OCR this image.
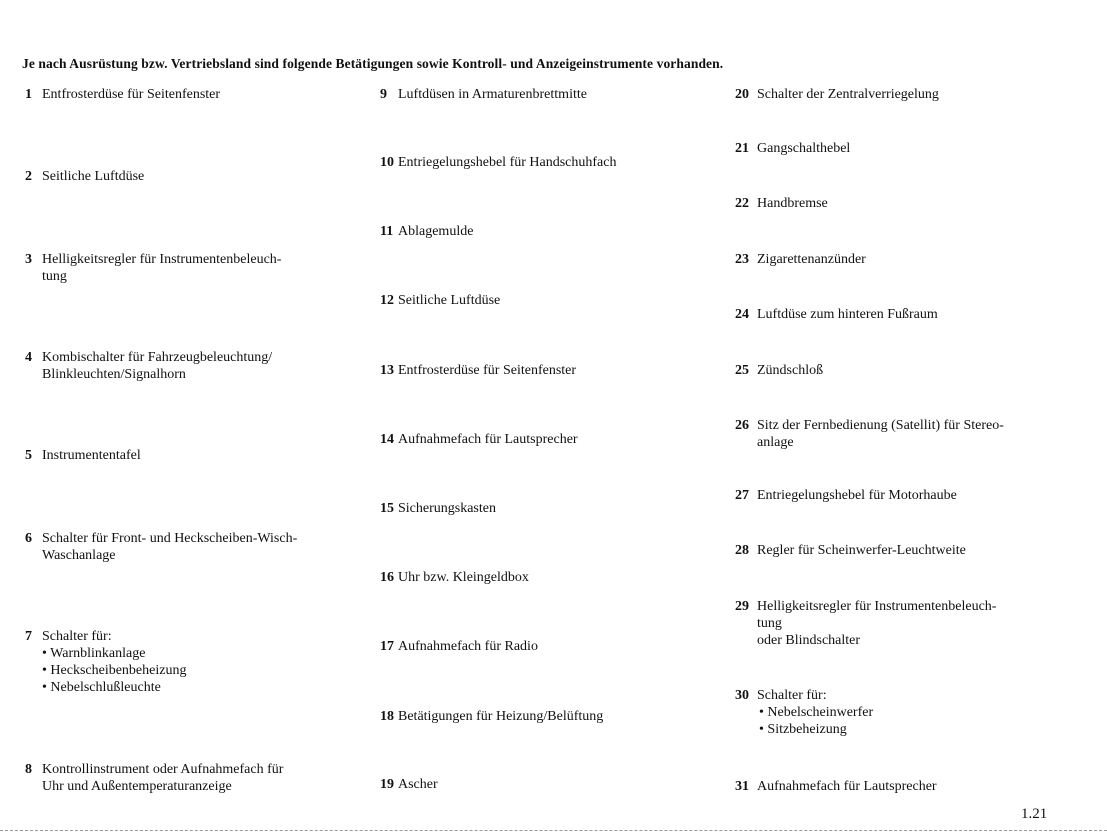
Je nach Ausrüstung bzw. Vertriebsland sind folgende Betätigungen sowie Kontroll- und Anzeigeinstrumente vorhanden.
1 Entfrosterdüse für Seitenfenster
2 Seitliche Luftdüse
3 Helligkeitsregler für Instrumentenbeleuch-
tung
4 Kombischalter für Fahrzeugbeleuchtung/
Blinkleuchten/Signalhorn
5 Instrumententafel
6 Schalter für Front- und Heckscheiben-Wisch-
Waschanlage
7 Schalter für:
• Warnblinkanlage
• Heckscheibenbeheizung
• Nebelschlußleuchte
8 Kontrollinstrument oder Aufnahmefach für
Uhr und Außentemperaturanzeige
9 Luftdüsen in Armaturenbrettmitte
10 Entriegelungshebel für Handschuhfach
11 Ablagemulde
12 Seitliche Luftdüse
13 Entfrosterdüse für Seitenfenster
14 Aufnahmefach für Lautsprecher
15 Sicherungskasten
16 Uhr bzw. Kleingeldbox
17 Aufnahmefach für Radio
18 Betätigungen für Heizung/Belüftung
19 Ascher
20 Schalter der Zentralverriegelung
21 Gangschalthebel
22 Handbremse
23 Zigarettenanzünder
24 Luftdüse zum hinteren Fußraum
25 Zündschloß
26 Sitz der Fernbedienung (Satellit) für Stereo-
anlage
27 Entriegelungshebel für Motorhaube
28 Regler für Scheinwerfer-Leuchtweite
29 Helligkeitsregler für Instrumentenbeleuch-
tung
oder Blindschalter
30 Schalter für:
• Nebelscheinwerfer
• Sitzbeheizung
31 Aufnahmefach für Lautsprecher
1.21
